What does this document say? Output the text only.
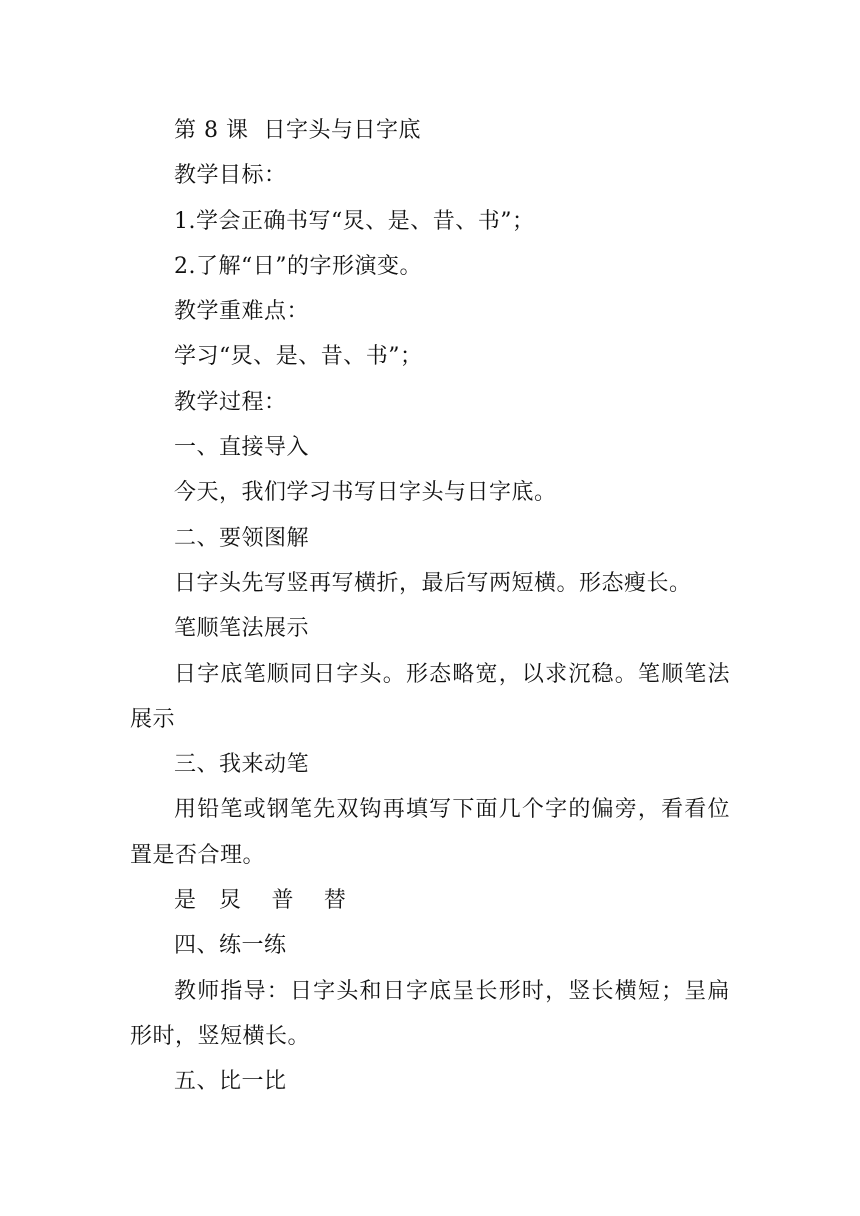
第 8 课  日字头与日字底

教学目标：

1.学会正确书写“炅、是、昔、书”；

2.了解“日”的字形演变。

教学重难点：

学习“炅、是、昔、书”；

教学过程：

一、直接导入

今天，我们学习书写日字头与日字底。

二、要领图解

日字头先写竖再写横折，最后写两短横。形态瘦长。

笔顺笔法展示

日字底笔顺同日字头。形态略宽，以求沉稳。笔顺笔法展示

三、我来动笔

用铅笔或钢笔先双钩再填写下面几个字的偏旁，看看位置是否合理。

是   炅    普    替

四、练一练

教师指导：日字头和日字底呈长形时，竖长横短；呈扁形时，竖短横长。

五、比一比
